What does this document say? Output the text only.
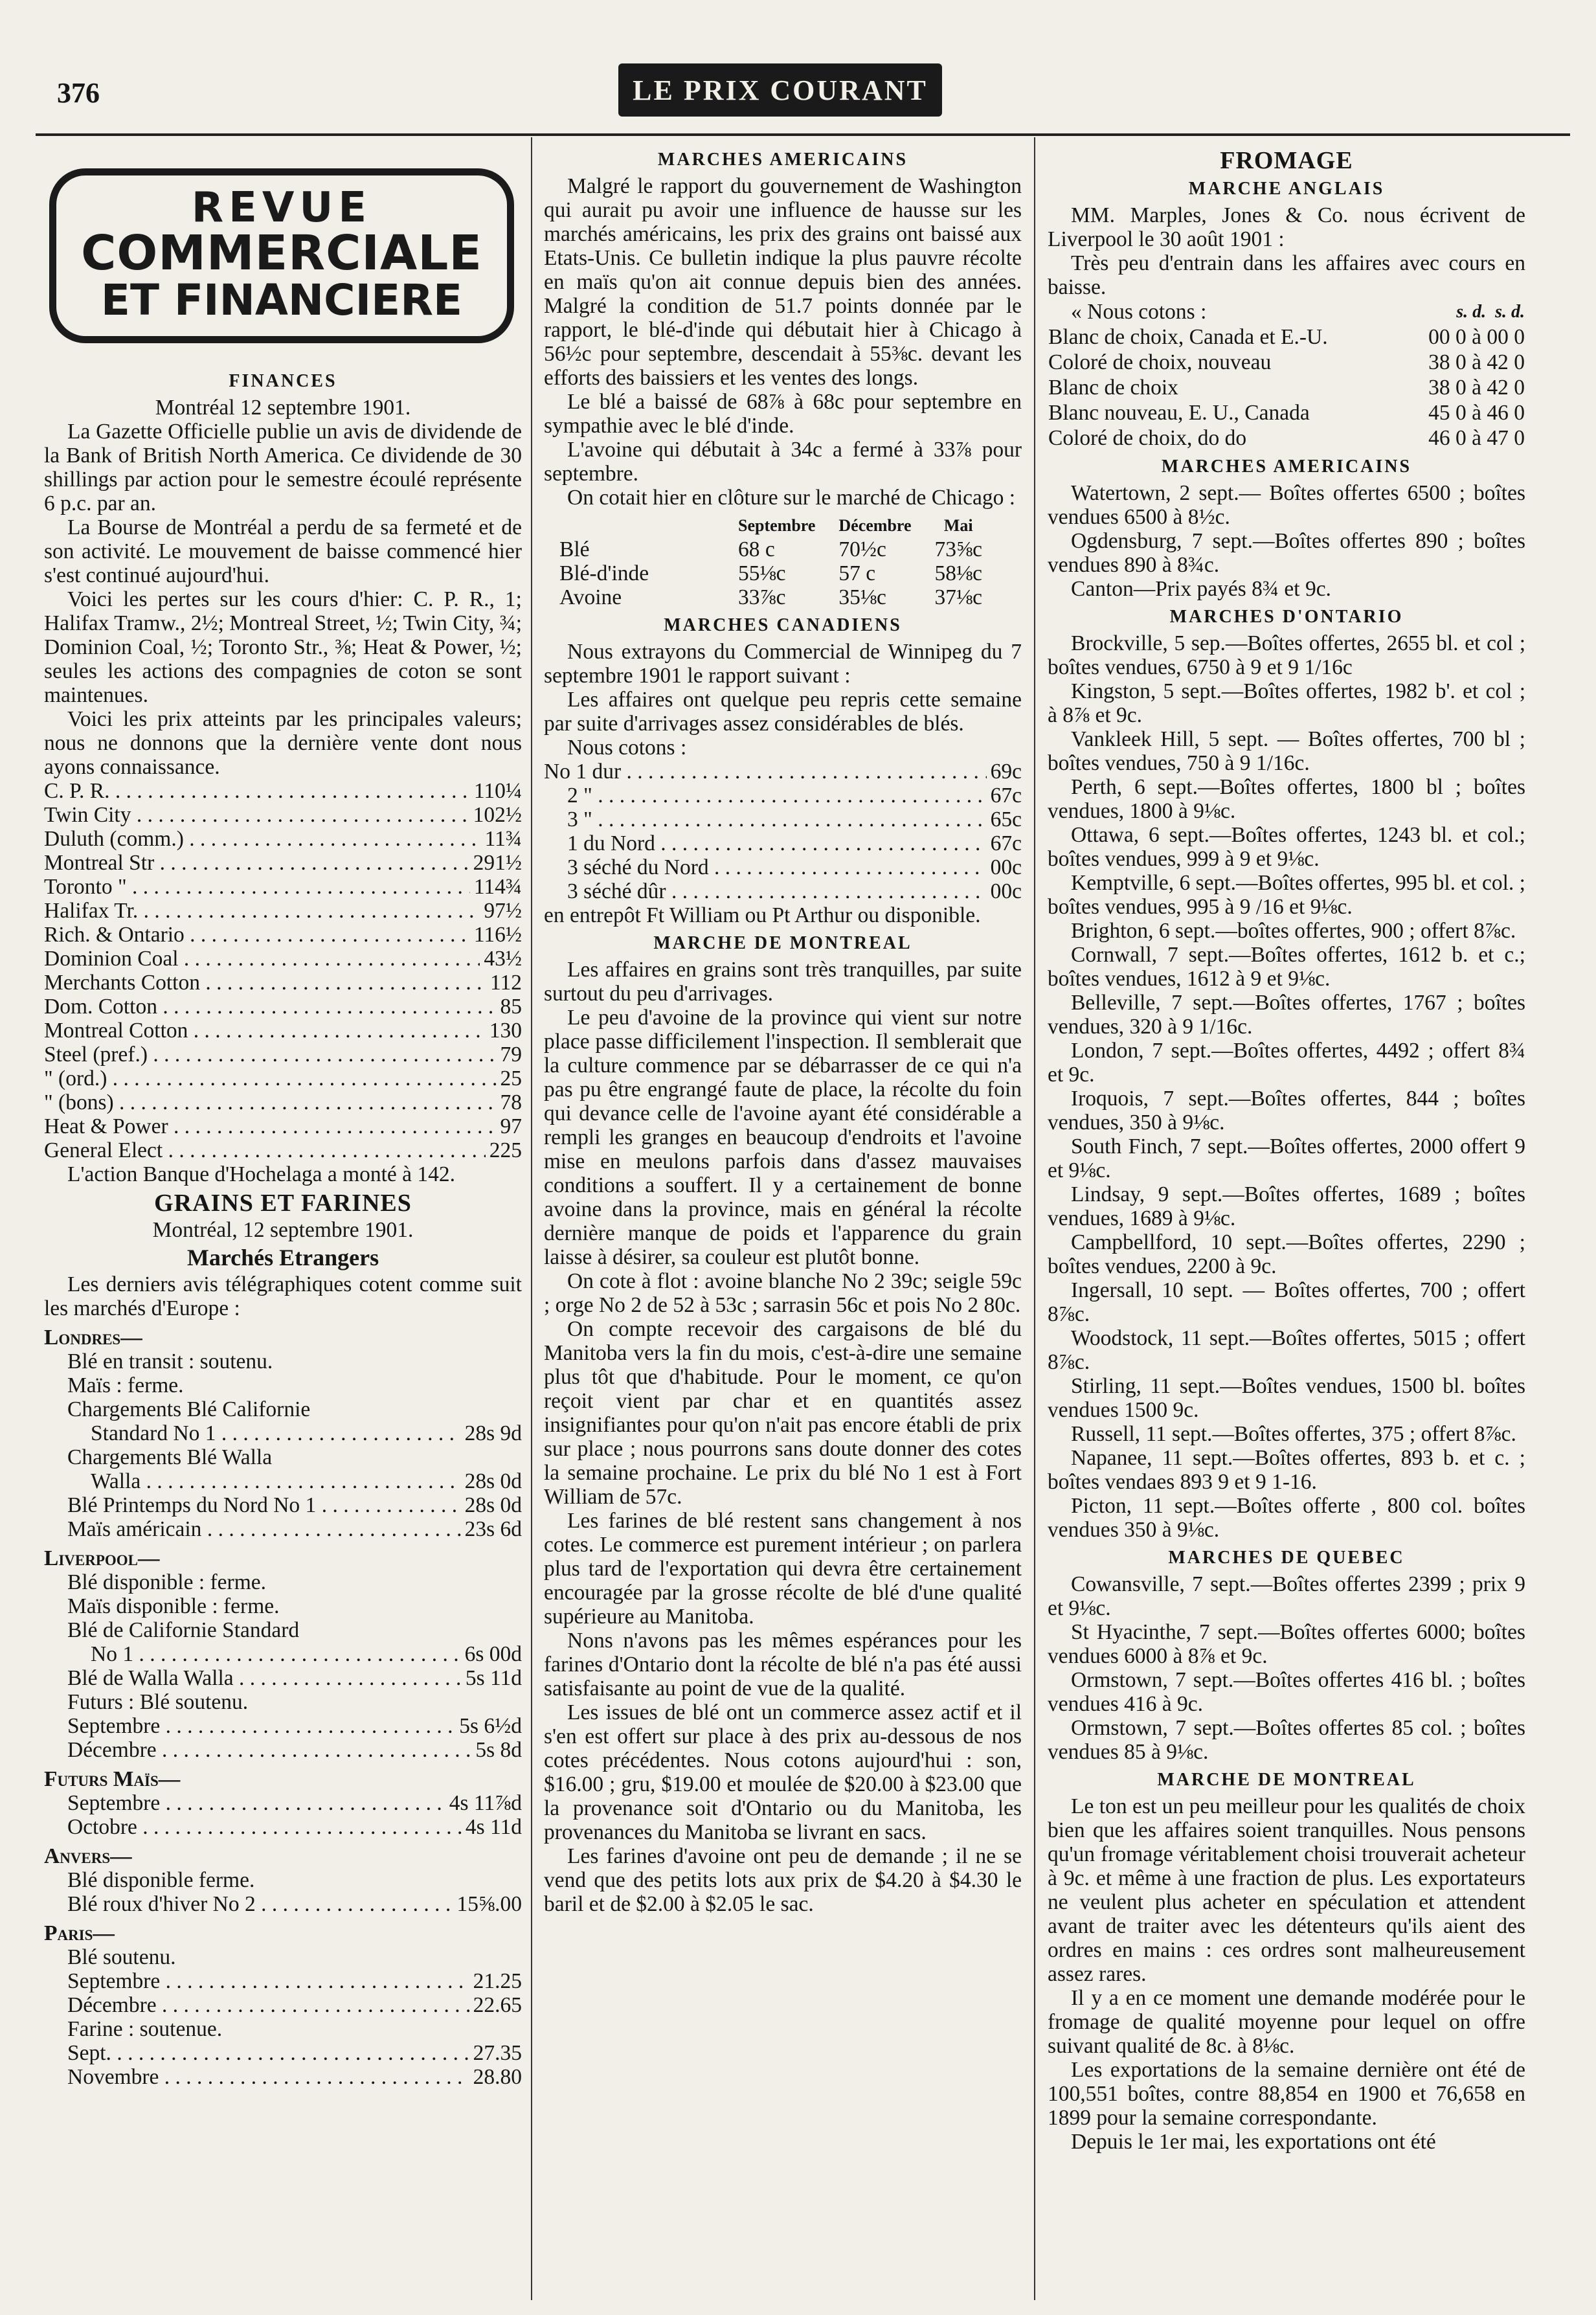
376	LE PRIX COURANT
REVUE
COMMERCIALE
ET FINANCIERE
FINANCES
Montréal 12 septembre 1901.

La Gazette Officielle publie un avis de dividende de la Bank of British North America. Ce dividende de 30 shillings par action pour le semestre écoulé représente 6 p.c. par an.

La Bourse de Montréal a perdu de sa fermeté et de son activité. Le mouvement de baisse commencé hier s'est continué aujourd'hui.

Voici les pertes sur les cours d'hier: C. P. R., 1; Halifax Tramw., 2½; Montreal Street, ½; Twin City, ¾; Dominion Coal, ½; Toronto Str., ⅜; Heat & Power, ½; seules les actions des compagnies de coton se sont maintenues.

Voici les prix atteints par les principales valeurs; nous ne donnons que la dernière vente dont nous ayons connaissance.

C. P. R. . . .	110¼
Twin City . . .	102½
Duluth (comm.) . . .	11¾
Montreal Str . . .	291½
Toronto " . . .	114¾
Halifax Tr. . . .	97½
Rich. & Ontario . . .	116½
Dominion Coal . . .	43½
Merchants Cotton . . .	112
Dom. Cotton . . .	85
Montreal Cotton . . .	130
Steel (pref.) . . .	79
" (ord.) . . .	25
" (bons) . . .	78
Heat & Power . . .	97
General Elect . . .	225

L'action Banque d'Hochelaga a monté à 142.

GRAINS ET FARINES
Montréal, 12 septembre 1901.
Marchés Etrangers

Les derniers avis télégraphiques cotent comme suit les marchés d'Europe :

Londres—
Blé en transit : soutenu.
Maïs : ferme.
Chargements Blé Californie
Standard No 1 . . .	28s 9d
Chargements Blé Walla
Walla . . .	28s 0d
Blé Printemps du Nord No 1 . . .	28s 0d
Maïs américain . . .	23s 6d
Liverpool—
Blé disponible : ferme.
Maïs disponible : ferme.
Blé de Californie Standard
No 1 . . .	6s 00d
Blé de Walla Walla . . .	5s 11d
Futurs : Blé soutenu.
Septembre . . .	5s 6½d
Décembre . . .	5s 8d
Futurs Maïs—
Septembre . . .	4s 11⅞d
Octobre . . .	4s 11d
Anvers—
Blé disponible ferme.
Blé roux d'hiver No 2 . . .	15⅝.00
Paris—
Blé soutenu.
Septembre . . .	21.25
Décembre . . .	22.65
Farine : soutenue.
Sept. . . .	27.35
Novembre . . .	28.80
MARCHES AMERICAINS

Malgré le rapport du gouvernement de Washington qui aurait pu avoir une influence de hausse sur les marchés américains, les prix des grains ont baissé aux Etats-Unis. Ce bulletin indique la plus pauvre récolte en maïs qu'on ait connue depuis bien des années. Malgré la condition de 51.7 points donnée par le rapport, le blé-d'inde qui débutait hier à Chicago à 56½c pour septembre, descendait à 55⅜c. devant les efforts des baissiers et les ventes des longs.

Le blé a baissé de 68⅞ à 68c pour septembre en sympathie avec le blé d'inde.

L'avoine qui débutait à 34c a fermé à 33⅞ pour septembre.

On cotait hier en clôture sur le marché de Chicago :

	Septembre	Décembre	Mai
Blé	68 c	70½c	73⅝c
Blé-d'inde	55⅛c	57 c	58⅛c
Avoine	33⅞c	35⅛c	37⅛c
MARCHES CANADIENS

Nous extrayons du Commercial de Winnipeg du 7 septembre 1901 le rapport suivant :

Les affaires ont quelque peu repris cette semaine par suite d'arrivages assez considérables de blés.

Nous cotons :

No 1 dur . . .	69c
2 " . . .	67c
3 " . . .	65c
1 du Nord . . .	67c
3 séché du Nord . . .	00c
3 séché dûr . . .	00c
en entrepôt Ft William ou Pt Arthur ou disponible.
MARCHE DE MONTREAL

Les affaires en grains sont très tranquilles, par suite surtout du peu d'arrivages.

Le peu d'avoine de la province qui vient sur notre place passe difficilement l'inspection. Il semblerait que la culture commence par se débarrasser de ce qui n'a pas pu être engrangé faute de place, la récolte du foin qui devance celle de l'avoine ayant été considérable a rempli les granges en beaucoup d'endroits et l'avoine mise en meulons parfois dans d'assez mauvaises conditions a souffert. Il y a certainement de bonne avoine dans la province, mais en général la récolte dernière manque de poids et l'apparence du grain laisse à désirer, sa couleur est plutôt bonne.

On cote à flot : avoine blanche No 2 39c; seigle 59c ; orge No 2 de 52 à 53c ; sarrasin 56c et pois No 2 80c.

On compte recevoir des cargaisons de blé du Manitoba vers la fin du mois, c'est-à-dire une semaine plus tôt que d'habitude. Pour le moment, ce qu'on reçoit vient par char et en quantités assez insignifiantes pour qu'on n'ait pas encore établi de prix sur place ; nous pourrons sans doute donner des cotes la semaine prochaine. Le prix du blé No 1 est à Fort William de 57c.

Les farines de blé restent sans changement à nos cotes. Le commerce est purement intérieur ; on parlera plus tard de l'exportation qui devra être certainement encouragée par la grosse récolte de blé d'une qualité supérieure au Manitoba.

Nons n'avons pas les mêmes espérances pour les farines d'Ontario dont la récolte de blé n'a pas été aussi satisfaisante au point de vue de la qualité.

Les issues de blé ont un commerce assez actif et il s'en est offert sur place à des prix au-dessous de nos cotes précédentes. Nous cotons aujourd'hui : son, $16.00 ; gru, $19.00 et moulée de $20.00 à $23.00 que la provenance soit d'Ontario ou du Manitoba, les provenances du Manitoba se livrant en sacs.

Les farines d'avoine ont peu de demande ; il ne se vend que des petits lots aux prix de $4.20 à $4.30 le baril et de $2.00 à $2.05 le sac.

FROMAGE
MARCHE ANGLAIS

MM. Marples, Jones & Co. nous écrivent de Liverpool le 30 août 1901 :

Très peu d'entrain dans les affaires avec cours en baisse.

« Nous cotons :	s. d. s. d.
Blanc de choix, Canada et E.-U.	00 0 à 00 0
Coloré de choix, nouveau	38 0 à 42 0
Blanc de choix	38 0 à 42 0
Blanc nouveau, E. U., Canada	45 0 à 46 0
Coloré de choix, do do	46 0 à 47 0
MARCHES AMERICAINS

Watertown, 2 sept.— Boîtes offertes 6500 ; boîtes vendues 6500 à 8½c.

Ogdensburg, 7 sept.—Boîtes offertes 890 ; boîtes vendues 890 à 8¾c.

Canton—Prix payés 8¾ et 9c.

MARCHES D'ONTARIO

Brockville, 5 sep.—Boîtes offertes, 2655 bl. et col ; boîtes vendues, 6750 à 9 et 9 1/16c

Kingston, 5 sept.—Boîtes offertes, 1982 b'. et col ; à 8⅞ et 9c.

Vankleek Hill, 5 sept. — Boîtes offertes, 700 bl ; boîtes vendues, 750 à 9 1/16c.

Perth, 6 sept.—Boîtes offertes, 1800 bl ; boîtes vendues, 1800 à 9⅛c.

Ottawa, 6 sept.—Boîtes offertes, 1243 bl. et col.; boîtes vendues, 999 à 9 et 9⅛c.

Kemptville, 6 sept.—Boîtes offertes, 995 bl. et col. ; boîtes vendues, 995 à 9 /16 et 9⅛c.

Brighton, 6 sept.—boîtes offertes, 900 ; offert 8⅞c.

Cornwall, 7 sept.—Boîtes offertes, 1612 b. et c.; boîtes vendues, 1612 à 9 et 9⅛c.

Belleville, 7 sept.—Boîtes offertes, 1767 ; boîtes vendues, 320 à 9 1/16c.

London, 7 sept.—Boîtes offertes, 4492 ; offert 8¾ et 9c.

Iroquois, 7 sept.—Boîtes offertes, 844 ; boîtes vendues, 350 à 9⅛c.

South Finch, 7 sept.—Boîtes offertes, 2000 offert 9 et 9⅛c.

Lindsay, 9 sept.—Boîtes offertes, 1689 ; boîtes vendues, 1689 à 9⅛c.

Campbellford, 10 sept.—Boîtes offertes, 2290 ; boîtes vendues, 2200 à 9c.

Ingersall, 10 sept. — Boîtes offertes, 700 ; offert 8⅞c.

Woodstock, 11 sept.—Boîtes offertes, 5015 ; offert 8⅞c.

Stirling, 11 sept.—Boîtes vendues, 1500 bl. boîtes vendues 1500 9c.

Russell, 11 sept.—Boîtes offertes, 375 ; offert 8⅞c.

Napanee, 11 sept.—Boîtes offertes, 893 b. et c. ; boîtes vendaes 893 9 et 9 1-16.

Picton, 11 sept.—Boîtes offerte , 800 col. boîtes vendues 350 à 9⅛c.

MARCHES DE QUEBEC

Cowansville, 7 sept.—Boîtes offertes 2399 ; prix 9 et 9⅛c.

St Hyacinthe, 7 sept.—Boîtes offertes 6000; boîtes vendues 6000 à 8⅞ et 9c.

Ormstown, 7 sept.—Boîtes offertes 416 bl. ; boîtes vendues 416 à 9c.

Ormstown, 7 sept.—Boîtes offertes 85 col. ; boîtes vendues 85 à 9⅛c.

MARCHE DE MONTREAL

Le ton est un peu meilleur pour les qualités de choix bien que les affaires soient tranquilles. Nous pensons qu'un fromage véritablement choisi trouverait acheteur à 9c. et même à une fraction de plus. Les exportateurs ne veulent plus acheter en spéculation et attendent avant de traiter avec les détenteurs qu'ils aient des ordres en mains : ces ordres sont malheureusement assez rares.

Il y a en ce moment une demande modérée pour le fromage de qualité moyenne pour lequel on offre suivant qualité de 8c. à 8⅛c.

Les exportations de la semaine dernière ont été de 100,551 boîtes, contre 88,854 en 1900 et 76,658 en 1899 pour la semaine correspondante.

Depuis le 1er mai, les exportations ont été
